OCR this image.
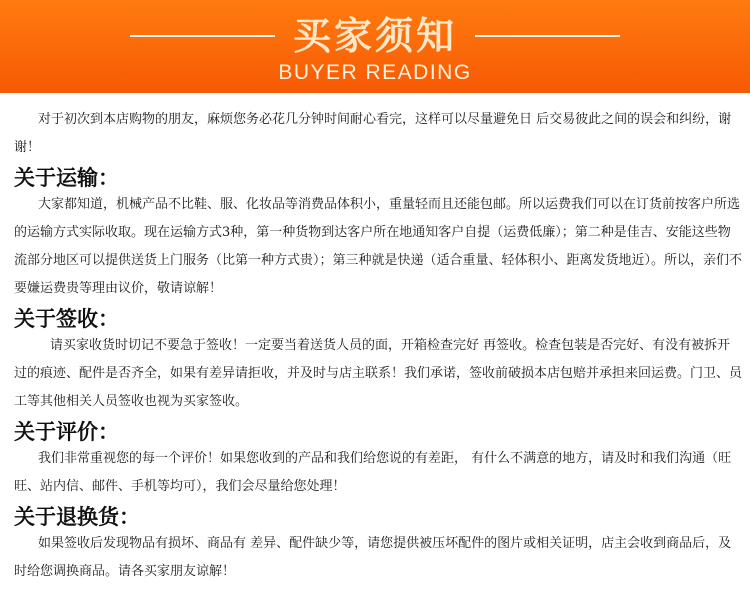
买家须知
BUYER READING

对于初次到本店购物的朋友，麻烦您务必花几分钟时间耐心看完，这样可以尽量避免日 后交易彼此之间的误会和纠纷，谢谢！

关于运输：

大家都知道，机械产品不比鞋、服、化妆品等消费品体积小，重量轻而且还能包邮。所以运费我们可以在订货前按客户所选的运输方式实际收取。现在运输方式3种，第一种货物到达客户所在地通知客户自提（运费低廉）；第二种是佳吉、安能这些物流部分地区可以提供送货上门服务（比第一种方式贵）；第三种就是快递（适合重量、轻体积小、距离发货地近）。所以，亲们不要嫌运费贵等理由议价，敬请谅解！

关于签收：

请买家收货时切记不要急于签收！一定要当着送货人员的面，开箱检查完好 再签收。检查包装是否完好、有没有被拆开过的痕迹、配件是否齐全，如果有差异请拒收，并及时与店主联系！我们承诺，签收前破损本店包赔并承担来回运费。门卫、员工等其他相关人员签收也视为买家签收。

关于评价：

我们非常重视您的每一个评价！如果您收到的产品和我们给您说的有差距， 有什么不满意的地方，请及时和我们沟通（旺旺、站内信、邮件、手机等均可），我们会尽量给您处理！

关于退换货：

如果签收后发现物品有损坏、商品有 差异、配件缺少等，请您提供被压坏配件的图片或相关证明，店主会收到商品后，及时给您调换商品。请各买家朋友谅解！
